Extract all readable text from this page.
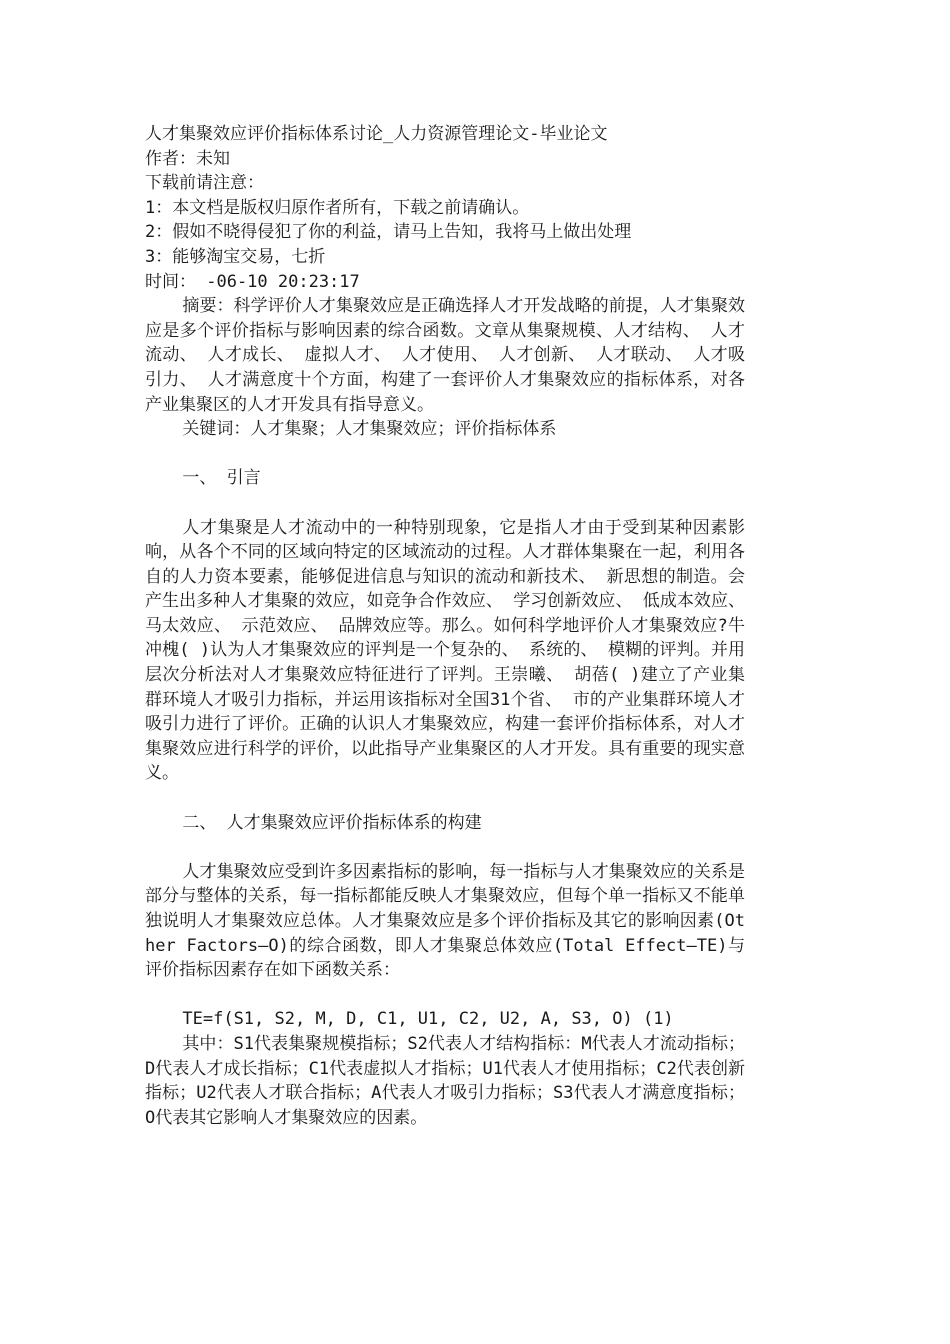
人才集聚效应评价指标体系讨论_人力资源管理论文-毕业论文

作者：未知

下载前请注意：

1：本文档是版权归原作者所有，下载之前请确认。

2：假如不晓得侵犯了你的利益，请马上告知，我将马上做出处理

3：能够淘宝交易，七折

时间： -06-10 20:23:17

摘要：科学评价人才集聚效应是正确选择人才开发战略的前提，人才集聚效应是多个评价指标与影响因素的综合函数。文章从集聚规模、人才结构、 人才流动、 人才成长、 虚拟人才、 人才使用、 人才创新、 人才联动、 人才吸引力、 人才满意度十个方面，构建了一套评价人才集聚效应的指标体系，对各产业集聚区的人才开发具有指导意义。

关键词：人才集聚；人才集聚效应；评价指标体系

一、 引言

人才集聚是人才流动中的一种特别现象，它是指人才由于受到某种因素影响，从各个不同的区域向特定的区域流动的过程。人才群体集聚在一起，利用各自的人力资本要素，能够促进信息与知识的流动和新技术、 新思想的制造。会产生出多种人才集聚的效应，如竞争合作效应、 学习创新效应、 低成本效应、 马太效应、 示范效应、 品牌效应等。那么。如何科学地评价人才集聚效应?牛冲槐( )认为人才集聚效应的评判是一个复杂的、 系统的、 模糊的评判。并用层次分析法对人才集聚效应特征进行了评判。王崇曦、 胡蓓( )建立了产业集群环境人才吸引力指标，并运用该指标对全国31个省、 市的产业集群环境人才吸引力进行了评价。正确的认识人才集聚效应，构建一套评价指标体系，对人才集聚效应进行科学的评价，以此指导产业集聚区的人才开发。具有重要的现实意义。

二、 人才集聚效应评价指标体系的构建

人才集聚效应受到许多因素指标的影响，每一指标与人才集聚效应的关系是部分与整体的关系，每一指标都能反映人才集聚效应，但每个单一指标又不能单独说明人才集聚效应总体。人才集聚效应是多个评价指标及其它的影响因素(Other Factors—O)的综合函数，即人才集聚总体效应(Total Effect—TE)与评价指标因素存在如下函数关系：

TE=f(S1, S2, M, D, C1, U1, C2, U2, A, S3, O) (1)

其中：S1代表集聚规模指标；S2代表人才结构指标：M代表人才流动指标；D代表人才成长指标；C1代表虚拟人才指标；U1代表人才使用指标；C2代表创新指标；U2代表人才联合指标；A代表人才吸引力指标；S3代表人才满意度指标；O代表其它影响人才集聚效应的因素。
